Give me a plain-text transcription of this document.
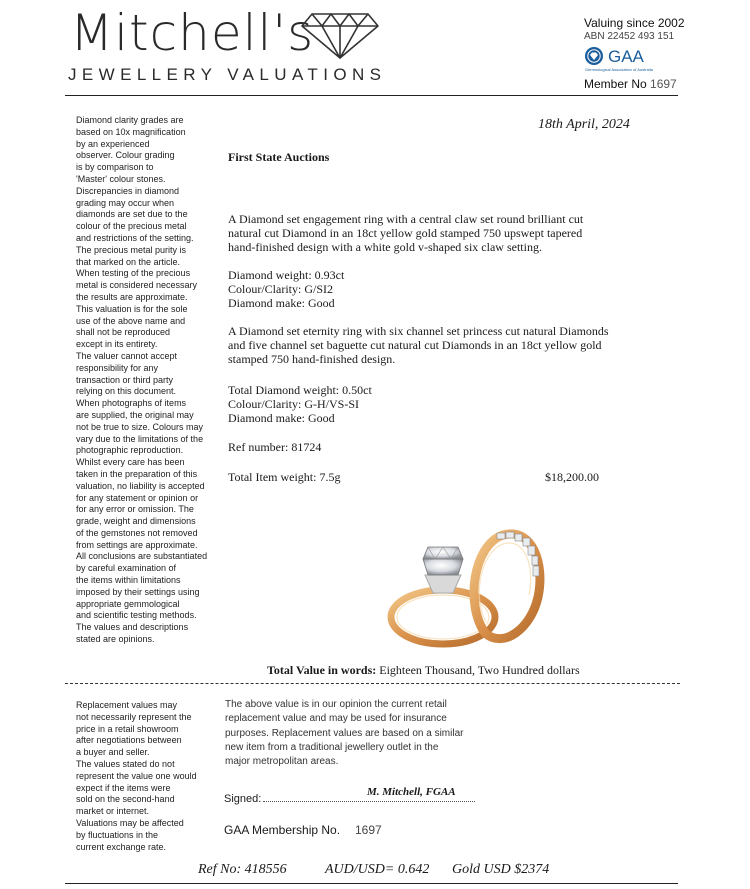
Mitchell's
JEWELLERY VALUATIONS
Valuing since 2002
ABN 22452 493 151
GAA
Gemmological Association of Australia
Member No 1697
Diamond clarity grades are
based on 10x magnification
by an experienced
observer. Colour grading
is by comparison to
'Master' colour stones.
Discrepancies in diamond
grading may occur when
diamonds are set due to the
colour of the precious metal
and restrictions of the setting.
The precious metal purity is
that marked on the article.
When testing of the precious
metal is considered necessary
the results are approximate.
This valuation is for the sole
use of the above name and
shall not be reproduced
except in its entirety.
The valuer cannot accept
responsibility for any
transaction or third party
relying on this document.
When photographs of items
are supplied, the original may
not be true to size. Colours may
vary due to the limitations of the
photographic reproduction.
Whilst every care has been
taken in the preparation of this
valuation, no liability is accepted
for any statement or opinion or
for any error or omission. The
grade, weight and dimensions
of the gemstones not removed
from settings are approximate.
All conclusions are substantiated
by careful examination of
the items within limitations
imposed by their settings using
appropriate gemmological
and scientific testing methods.
The values and descriptions
stated are opinions.
Replacement values may
not necessarily represent the
price in a retail showroom
after negotiations between
a buyer and seller.
The values stated do not
represent the value one would
expect if the items were
sold on the second-hand
market or internet.
Valuations may be affected
by fluctuations in the
current exchange rate.
18th April, 2024
First State Auctions
A Diamond set engagement ring with a central claw set round brilliant cut
natural cut Diamond in an 18ct yellow gold stamped 750 upswept tapered
hand-finished design with a white gold v-shaped six claw setting.
Diamond weight: 0.93ct
Colour/Clarity: G/SI2
Diamond make: Good
A Diamond set eternity ring with six channel set princess cut natural Diamonds
and five channel set baguette cut natural cut Diamonds in an 18ct yellow gold
stamped 750 hand-finished design.
Total Diamond weight: 0.50ct
Colour/Clarity: G-H/VS-SI
Diamond make: Good
Ref number: 81724
Total Item weight: 7.5g	$18,200.00
Total Value in words: Eighteen Thousand, Two Hundred dollars
The above value is in our opinion the current retail
replacement value and may be used for insurance
purposes. Replacement values are based on a similar
new item from a traditional jewellery outlet in the
major metropolitan areas.
Signed:
M. Mitchell, FGAA
GAA Membership No. 1697
Ref No: 418556	AUD/USD= 0.642 Gold USD $2374
